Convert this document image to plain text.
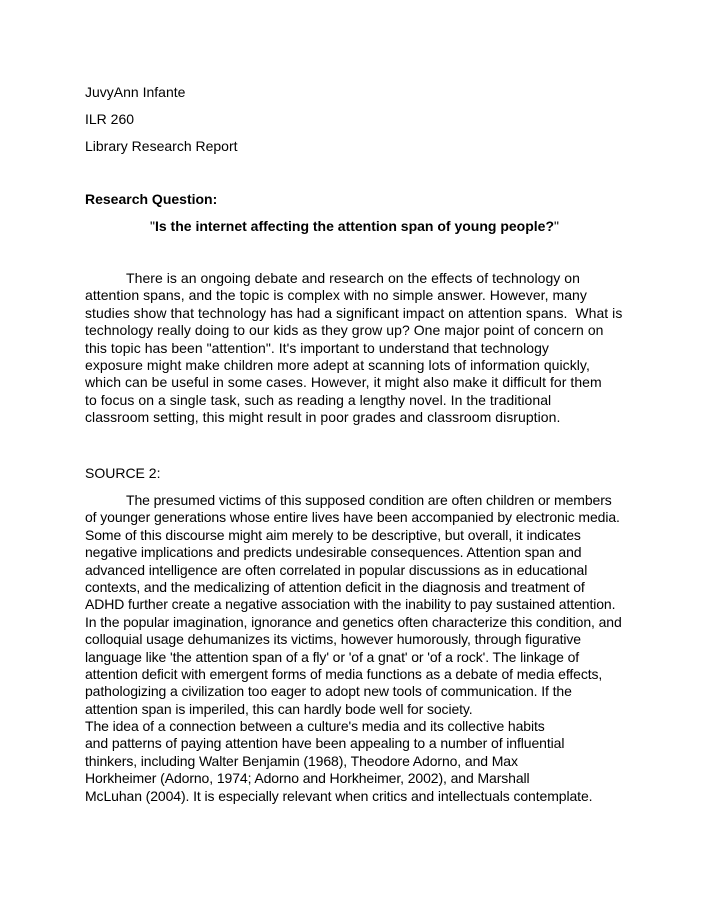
JuvyAnn Infante
ILR 260
Library Research Report
Research Question:
"Is the internet affecting the attention span of young people?"
There is an ongoing debate and research on the effects of technology on
attention spans, and the topic is complex with no simple answer. However, many
studies show that technology has had a significant impact on attention spans.  What is
technology really doing to our kids as they grow up? One major point of concern on
this topic has been "attention". It's important to understand that technology
exposure might make children more adept at scanning lots of information quickly,
which can be useful in some cases. However, it might also make it difficult for them
to focus on a single task, such as reading a lengthy novel. In the traditional
classroom setting, this might result in poor grades and classroom disruption.
SOURCE 2:
The presumed victims of this supposed condition are often children or members
of younger generations whose entire lives have been accompanied by electronic media.
Some of this discourse might aim merely to be descriptive, but overall, it indicates
negative implications and predicts undesirable consequences. Attention span and
advanced intelligence are often correlated in popular discussions as in educational
contexts, and the medicalizing of attention deficit in the diagnosis and treatment of
ADHD further create a negative association with the inability to pay sustained attention.
In the popular imagination, ignorance and genetics often characterize this condition, and
colloquial usage dehumanizes its victims, however humorously, through figurative
language like 'the attention span of a fly' or 'of a gnat' or 'of a rock'. The linkage of
attention deficit with emergent forms of media functions as a debate of media effects,
pathologizing a civilization too eager to adopt new tools of communication. If the
attention span is imperiled, this can hardly bode well for society.
The idea of a connection between a culture's media and its collective habits
and patterns of paying attention have been appealing to a number of influential
thinkers, including Walter Benjamin (1968), Theodore Adorno, and Max
Horkheimer (Adorno, 1974; Adorno and Horkheimer, 2002), and Marshall
McLuhan (2004). It is especially relevant when critics and intellectuals contemplate.
